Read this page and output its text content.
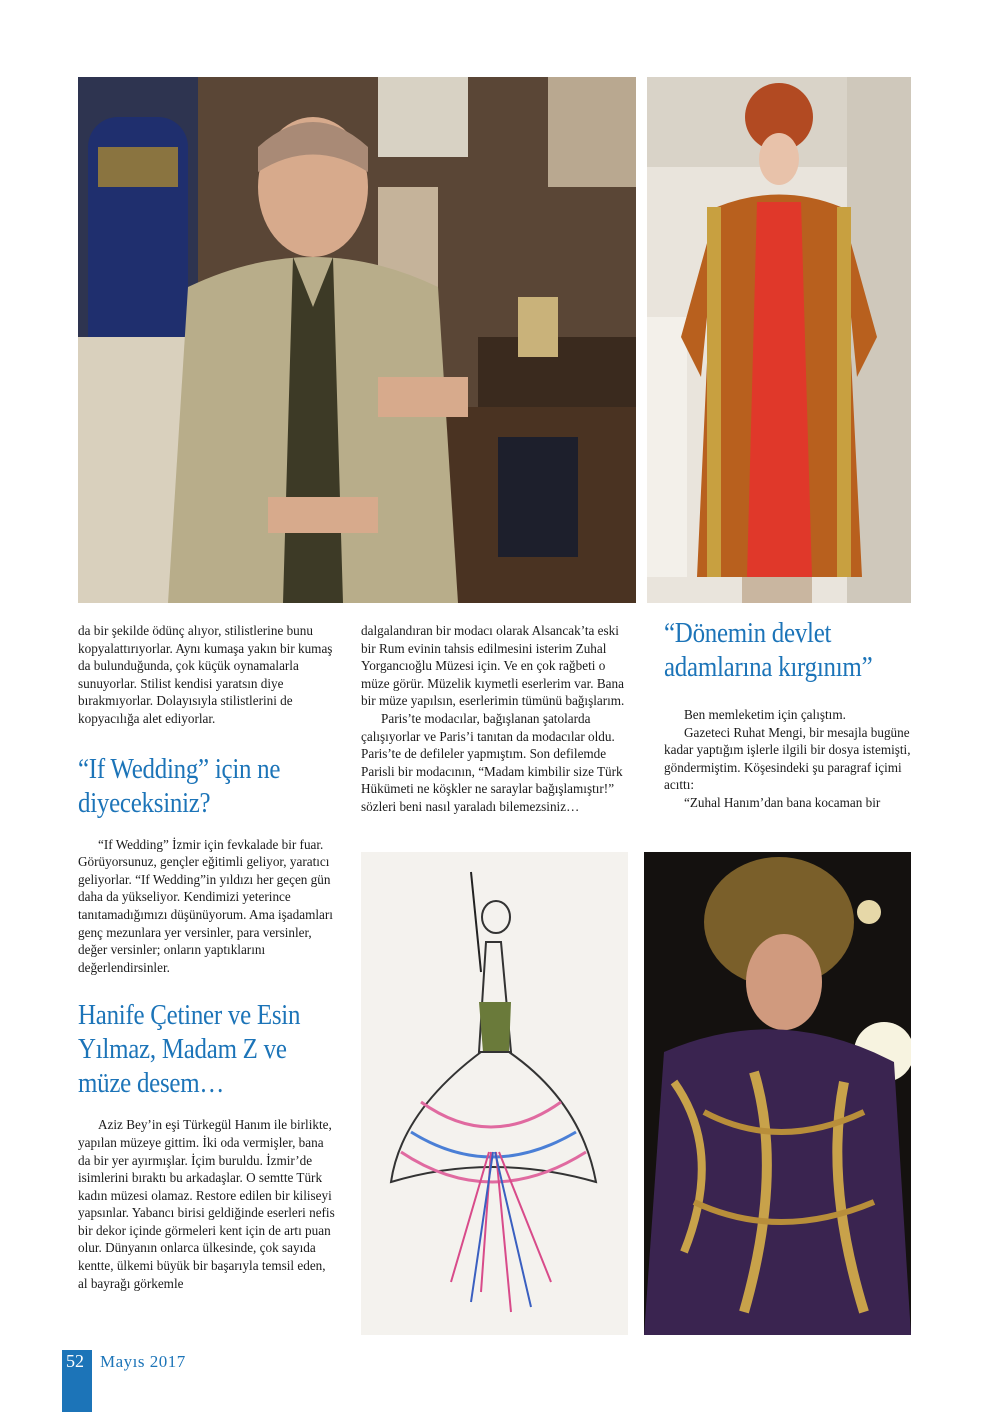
da bir şekilde ödünç alıyor, stilistlerine bunu kopyalattırıyorlar. Aynı kumaşa yakın bir kumaş da bulunduğunda, çok küçük oynamalarla sunuyorlar. Stilist kendisi yaratsın diye bırakmıyorlar. Dolayısıyla stilistlerini de kopyacılığa alet ediyorlar.

“If Wedding” için ne diyeceksiniz?

“If Wedding” İzmir için fevkalade bir fuar. Görüyorsunuz, gençler eğitimli geliyor, yaratıcı geliyorlar. “If Wedding”in yıldızı her geçen gün daha da yükseliyor. Kendimizi yeterince tanıtamadığımızı düşünüyorum. Ama işadamları genç mezunlara yer versinler, para versinler, değer versinler; onların yaptıklarını değerlendirsinler.

Hanife Çetiner ve Esin Yılmaz, Madam Z ve müze desem…

Aziz Bey’in eşi Türkegül Hanım ile birlikte, yapılan müzeye gittim. İki oda vermişler, bana da bir yer ayırmışlar. İçim buruldu. İzmir’de isimlerini bıraktı bu arkadaşlar. O semtte Türk kadın müzesi olamaz. Restore edilen bir kiliseyi yapsınlar. Yabancı birisi geldiğinde eserleri nefis bir dekor içinde görmeleri kent için de artı puan olur. Dünyanın onlarca ülkesinde, çok sayıda kentte, ülkemi büyük bir başarıyla temsil eden, al bayrağı görkemle

dalgalandıran bir modacı olarak Alsancak’ta eski bir Rum evinin tahsis edilmesini isterim Zuhal Yorgancıoğlu Müzesi için. Ve en çok rağbeti o müze görür. Müzelik kıymetli eserlerim var. Bana bir müze yapılsın, eserlerimin tümünü bağışlarım.

Paris’te modacılar, bağışlanan şatolarda çalışıyorlar ve Paris’i tanıtan da modacılar oldu. Paris’te de defileler yapmıştım. Son defilemde Parisli bir modacının, “Madam kimbilir size Türk Hükümeti ne köşkler ne saraylar bağışlamıştır!” sözleri beni nasıl yaraladı bilemezsiniz…

“Dönemin devlet adamlarına kırgınım”

Ben memleketim için çalıştım.

Gazeteci Ruhat Mengi, bir mesajla bugüne kadar yaptığım işlerle ilgili bir dosya istemişti, göndermiştim. Köşesindeki şu paragraf içimi acıttı:

“Zuhal Hanım’dan bana kocaman bir

52 Mayıs 2017
